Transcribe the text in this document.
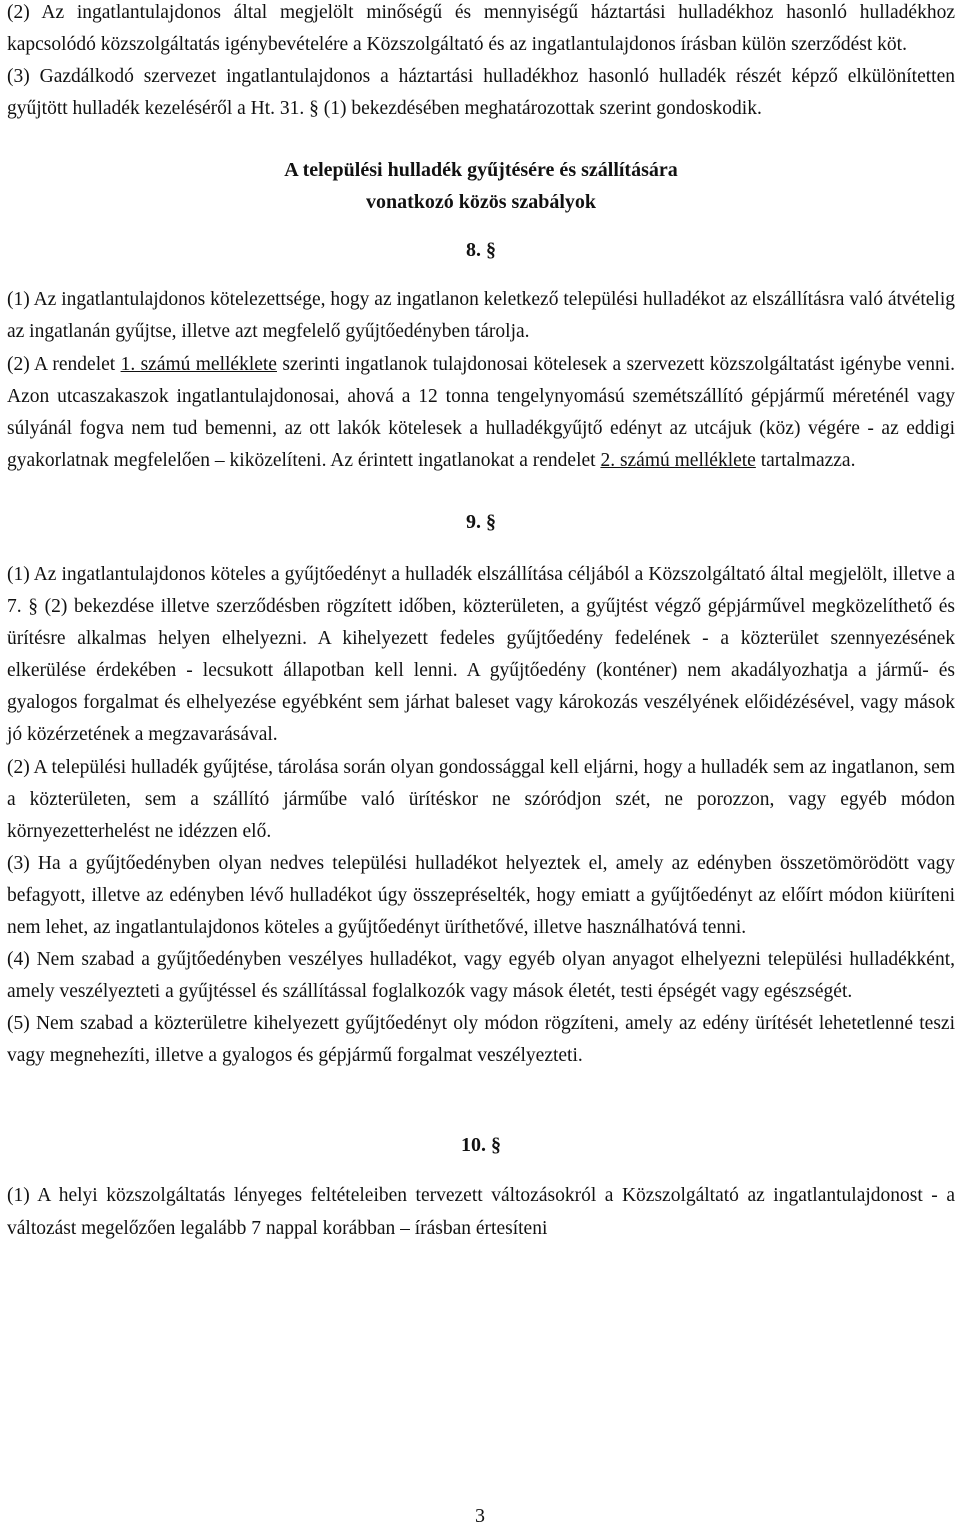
(2) Az ingatlantulajdonos által megjelölt minőségű és mennyiségű háztartási hulladékhoz hasonló hulladékhoz kapcsolódó közszolgáltatás igénybevételére a Közszolgáltató és az ingatlantulajdonos írásban külön szerződést köt.

(3) Gazdálkodó szervezet ingatlantulajdonos a háztartási hulladékhoz hasonló hulladék részét képző elkülönítetten gyűjtött hulladék kezeléséről a Ht. 31. § (1) bekezdésében meghatározottak szerint gondoskodik.

A települési hulladék gyűjtésére és szállítására

vonatkozó közös szabályok

8. §

(1) Az ingatlantulajdonos kötelezettsége, hogy az ingatlanon keletkező települési hulladékot az elszállításra való átvételig az ingatlanán gyűjtse, illetve azt megfelelő gyűjtőedényben tárolja.

(2) A rendelet 1. számú melléklete szerinti ingatlanok tulajdonosai kötelesek a szervezett közszolgáltatást igénybe venni. Azon utcaszakaszok ingatlantulajdonosai, ahová a 12 tonna tengelynyomású szemétszállító gépjármű méreténél vagy súlyánál fogva nem tud bemenni, az ott lakók kötelesek a hulladékgyűjtő edényt az utcájuk (köz) végére - az eddigi gyakorlatnak megfelelően – kiközelíteni. Az érintett ingatlanokat a rendelet 2. számú melléklete tartalmazza.

9. §

(1) Az ingatlantulajdonos köteles a gyűjtőedényt a hulladék elszállítása céljából a Közszolgáltató által megjelölt, illetve a 7. § (2) bekezdése illetve szerződésben rögzített időben, közterületen, a gyűjtést végző gépjárművel megközelíthető és ürítésre alkalmas helyen elhelyezni. A kihelyezett fedeles gyűjtőedény fedelének - a közterület szennyezésének elkerülése érdekében - lecsukott állapotban kell lenni. A gyűjtőedény (konténer) nem akadályozhatja a jármű- és gyalogos forgalmat és elhelyezése egyébként sem járhat baleset vagy károkozás veszélyének előidézésével, vagy mások jó közérzetének a megzavarásával.

(2) A települési hulladék gyűjtése, tárolása során olyan gondossággal kell eljárni, hogy a hulladék sem az ingatlanon, sem a közterületen, sem a szállító járműbe való ürítéskor ne szóródjon szét, ne porozzon, vagy egyéb módon környezetterhelést ne idézzen elő.

(3) Ha a gyűjtőedényben olyan nedves települési hulladékot helyeztek el, amely az edényben összetömörödött vagy befagyott, illetve az edényben lévő hulladékot úgy összepréselték, hogy emiatt a gyűjtőedényt az előírt módon kiüríteni nem lehet, az ingatlantulajdonos köteles a gyűjtőedényt üríthetővé, illetve használhatóvá tenni.

(4) Nem szabad a gyűjtőedényben veszélyes hulladékot, vagy egyéb olyan anyagot elhelyezni települési hulladékként, amely veszélyezteti a gyűjtéssel és szállítással foglalkozók vagy mások életét, testi épségét vagy egészségét.

(5) Nem szabad a közterületre kihelyezett gyűjtőedényt oly módon rögzíteni, amely az edény ürítését lehetetlenné teszi vagy megnehezíti, illetve a gyalogos és gépjármű forgalmat veszélyezteti.

10. §

(1) A helyi közszolgáltatás lényeges feltételeiben tervezett változásokról a Közszolgáltató az ingatlantulajdonost - a változást megelőzően legalább 7 nappal korábban – írásban értesíteni

3
